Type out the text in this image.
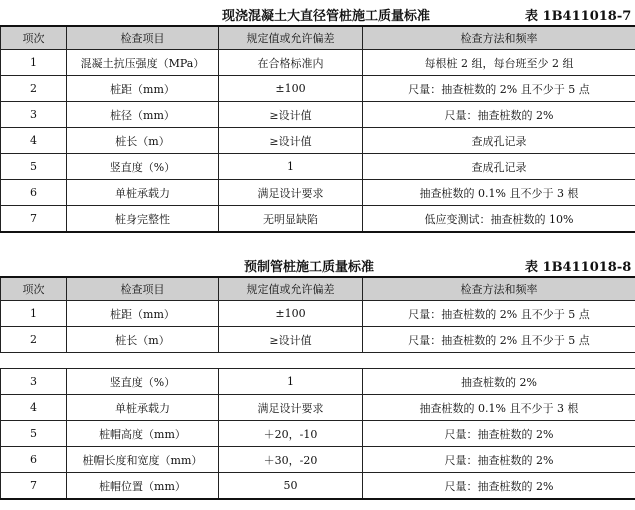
现浇混凝土大直径管桩施工质量标准	表 1B411018-7
项次	检查项目	规定值或允许偏差	检查方法和频率
1	混凝土抗压强度（MPa）	在合格标准内	每根桩 2 组，每台班至少 2 组
2	桩距（mm）	±100	尺量：抽查桩数的 2% 且不少于 5 点
3	桩径（mm）	≥设计值	尺量：抽查桩数的 2%
4	桩长（m）	≥设计值	查成孔记录
5	竖直度（%）	1	查成孔记录
6	单桩承载力	满足设计要求	抽查桩数的 0.1% 且不少于 3 根
7	桩身完整性	无明显缺陷	低应变测试：抽查桩数的 10%
预制管桩施工质量标准	表 1B411018-8
项次	检查项目	规定值或允许偏差	检查方法和频率
1	桩距（mm）	±100	尺量：抽查桩数的 2% 且不少于 5 点
2	桩长（m）	≥设计值	尺量：抽查桩数的 2% 且不少于 5 点
3	竖直度（%）	1	抽查桩数的 2%
4	单桩承载力	满足设计要求	抽查桩数的 0.1% 且不少于 3 根
5	桩帽高度（mm）	＋20，-10	尺量：抽查桩数的 2%
6	桩帽长度和宽度（mm）	＋30，-20	尺量：抽查桩数的 2%
7	桩帽位置（mm）	50	尺量：抽查桩数的 2%
